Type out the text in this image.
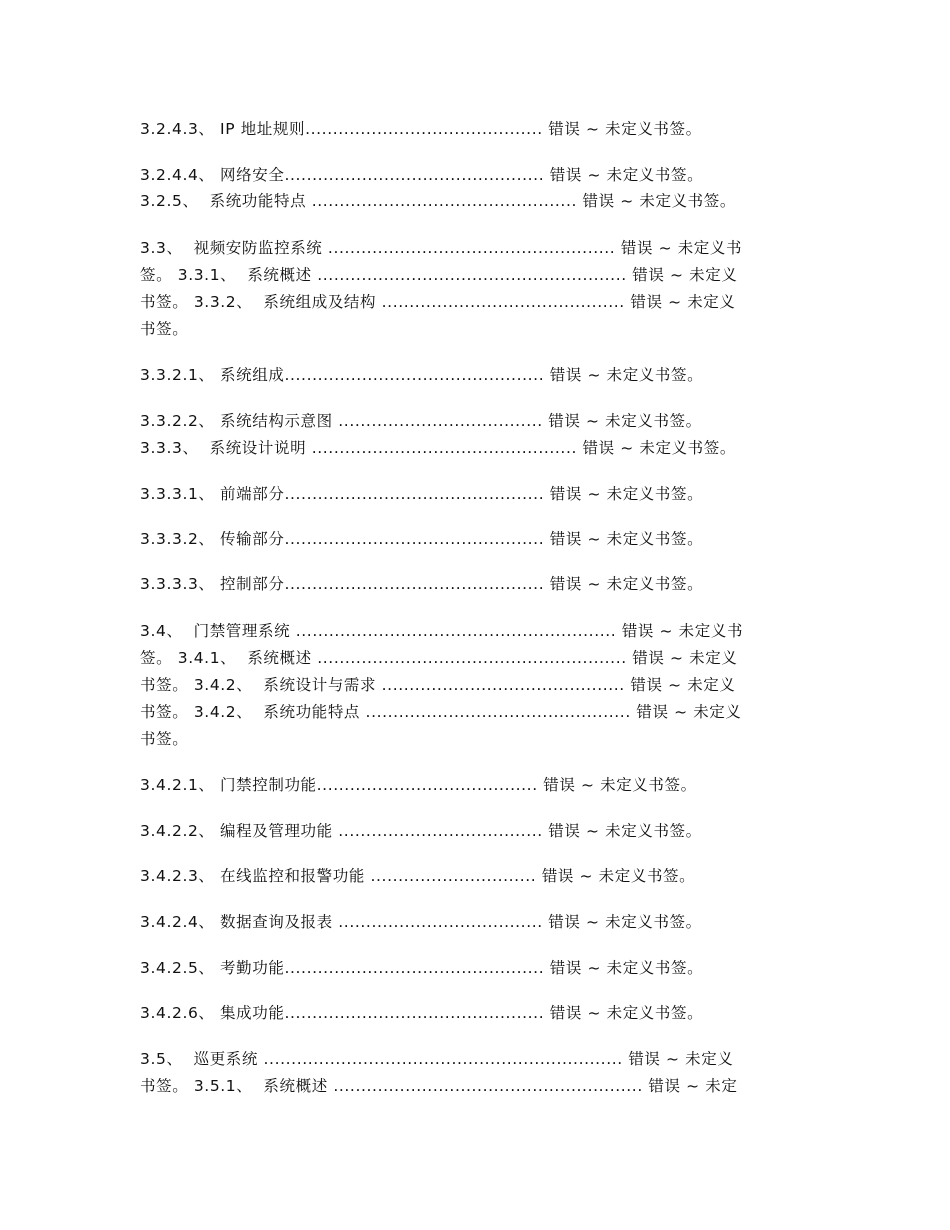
3.2.4.3、 IP 地址规则........................................... 错误 ~ 未定义书签。
3.2.4.4、 网络安全............................................... 错误 ~ 未定义书签。
3.2.5、  系统功能特点 ................................................ 错误 ~ 未定义书签。
3.3、  视频安防监控系统 .................................................... 错误 ~ 未定义书
签。 3.3.1、  系统概述 ........................................................ 错误 ~ 未定义
书签。 3.3.2、  系统组成及结构 ............................................ 错误 ~ 未定义
书签。
3.3.2.1、 系统组成............................................... 错误 ~ 未定义书签。
3.3.2.2、 系统结构示意图 ..................................... 错误 ~ 未定义书签。
3.3.3、  系统设计说明 ................................................ 错误 ~ 未定义书签。
3.3.3.1、 前端部分............................................... 错误 ~ 未定义书签。
3.3.3.2、 传输部分............................................... 错误 ~ 未定义书签。
3.3.3.3、 控制部分............................................... 错误 ~ 未定义书签。
3.4、  门禁管理系统 .......................................................... 错误 ~ 未定义书
签。 3.4.1、  系统概述 ........................................................ 错误 ~ 未定义
书签。 3.4.2、  系统设计与需求 ............................................ 错误 ~ 未定义
书签。 3.4.2、  系统功能特点 ................................................ 错误 ~ 未定义
书签。
3.4.2.1、 门禁控制功能........................................ 错误 ~ 未定义书签。
3.4.2.2、 编程及管理功能 ..................................... 错误 ~ 未定义书签。
3.4.2.3、 在线监控和报警功能 .............................. 错误 ~ 未定义书签。
3.4.2.4、 数据查询及报表 ..................................... 错误 ~ 未定义书签。
3.4.2.5、 考勤功能............................................... 错误 ~ 未定义书签。
3.4.2.6、 集成功能............................................... 错误 ~ 未定义书签。
3.5、  巡更系统 ................................................................. 错误 ~ 未定义
书签。 3.5.1、  系统概述 ........................................................ 错误 ~ 未定
